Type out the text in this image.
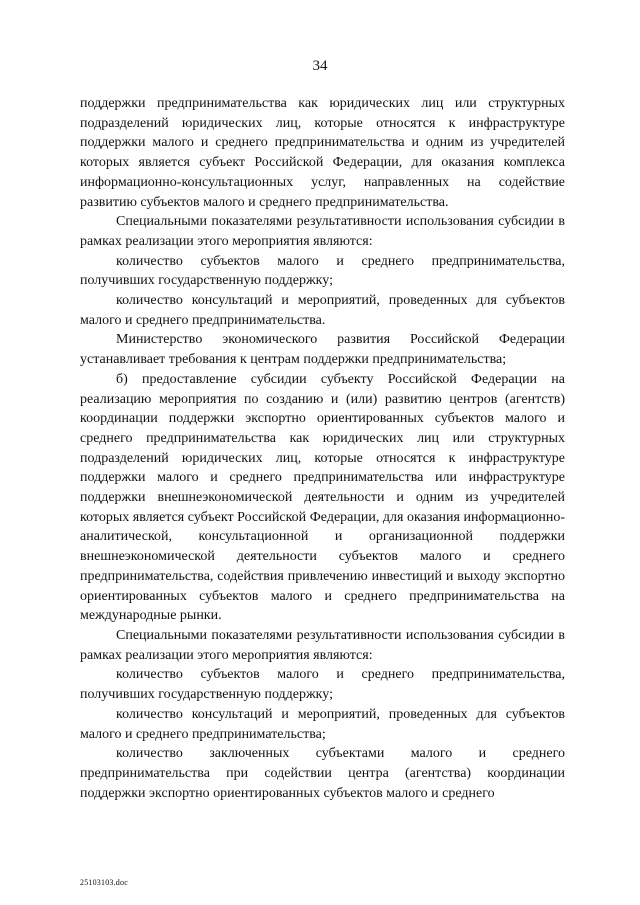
34

поддержки предпринимательства как юридических лиц или структурных подразделений юридических лиц, которые относятся к инфраструктуре поддержки малого и среднего предпринимательства и одним из учредителей которых является субъект Российской Федерации, для оказания комплекса информационно-консультационных услуг, направленных на содействие развитию субъектов малого и среднего предпринимательства.

Специальными показателями результативности использования субсидии в рамках реализации этого мероприятия являются:

количество субъектов малого и среднего предпринимательства, получивших государственную поддержку;

количество консультаций и мероприятий, проведенных для субъектов малого и среднего предпринимательства.

Министерство экономического развития Российской Федерации устанавливает требования к центрам поддержки предпринимательства;

б) предоставление субсидии субъекту Российской Федерации на реализацию мероприятия по созданию и (или) развитию центров (агентств) координации поддержки экспортно ориентированных субъектов малого и среднего предпринимательства как юридических лиц или структурных подразделений юридических лиц, которые относятся к инфраструктуре поддержки малого и среднего предпринимательства или инфраструктуре поддержки внешнеэкономической деятельности и одним из учредителей которых является субъект Российской Федерации, для оказания информационно-аналитической, консультационной и организационной поддержки внешнеэкономической деятельности субъектов малого и среднего предпринимательства, содействия привлечению инвестиций и выходу экспортно ориентированных субъектов малого и среднего предпринимательства на международные рынки.

Специальными показателями результативности использования субсидии в рамках реализации этого мероприятия являются:

количество субъектов малого и среднего предпринимательства, получивших государственную поддержку;

количество консультаций и мероприятий, проведенных для субъектов малого и среднего предпринимательства;

количество заключенных субъектами малого и среднего предпринимательства при содействии центра (агентства) координации поддержки экспортно ориентированных субъектов малого и среднего

25103103.doc
